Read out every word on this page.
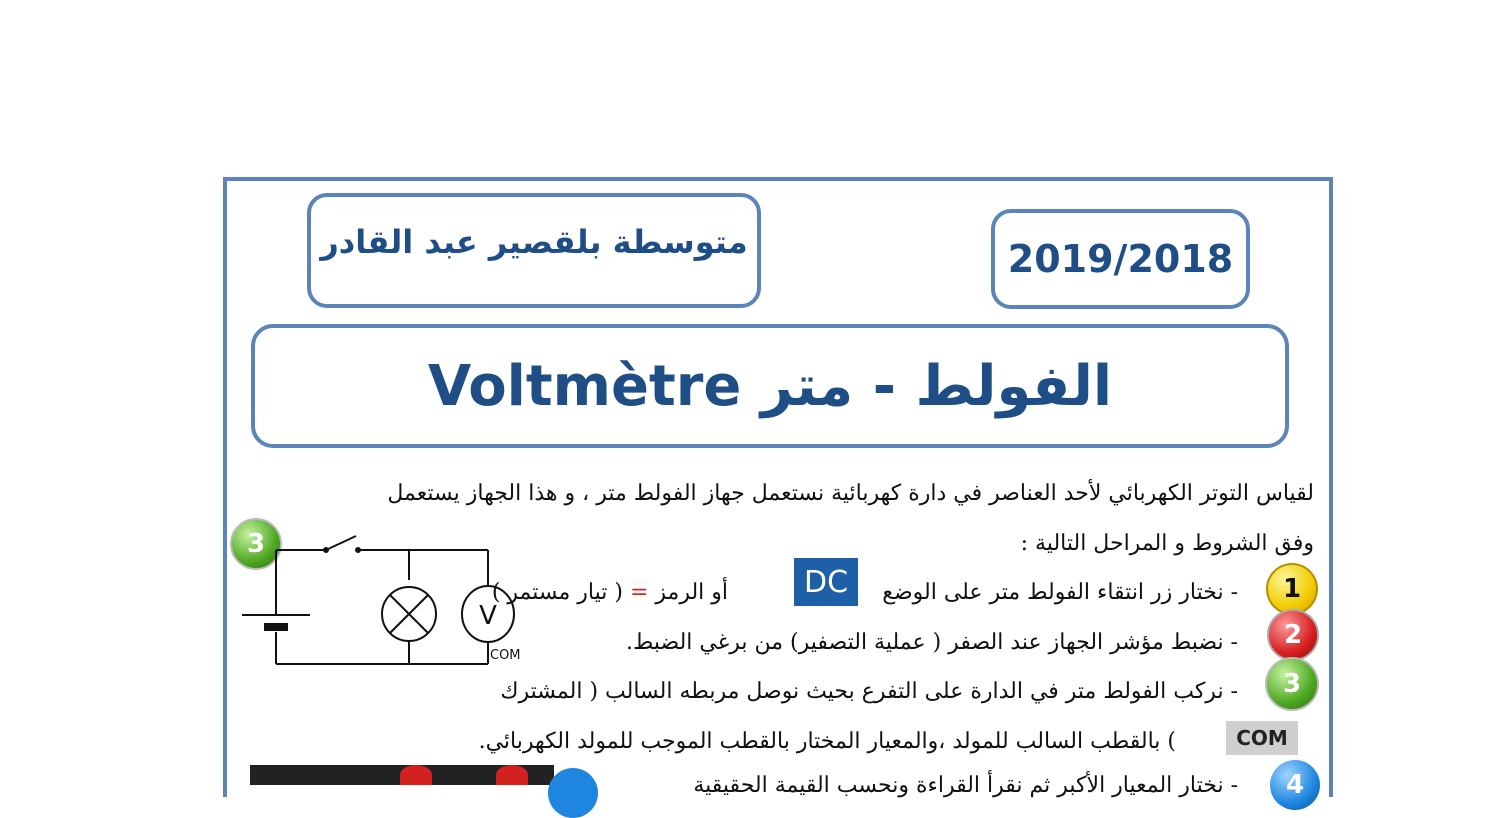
متوسطة بلقصير عبد القادر	2019/2018
Voltmètre الفولط - متر
لقياس التوتر الكهربائي لأحد العناصر في دارة كهربائية نستعمل جهاز الفولط متر ، و هذا الجهاز يستعمل
وفق الشروط و المراحل التالية :
1
- نختار زر انتقاء الفولط متر على الوضع
DC
أو الرمز = ( تيار مستمر )
2
- نضبط مؤشر الجهاز عند الصفر ( عملية التصفير) من برغي الضبط.
3
- نركب الفولط متر في الدارة على التفرع بحيث نوصل مربطه السالب ( المشترك
COM
) بالقطب السالب للمولد ،والمعيار المختار بالقطب الموجب للمولد الكهربائي.
4
- نختار المعيار الأكبر ثم نقرأ القراءة ونحسب القيمة الحقيقية
3
V
COM
